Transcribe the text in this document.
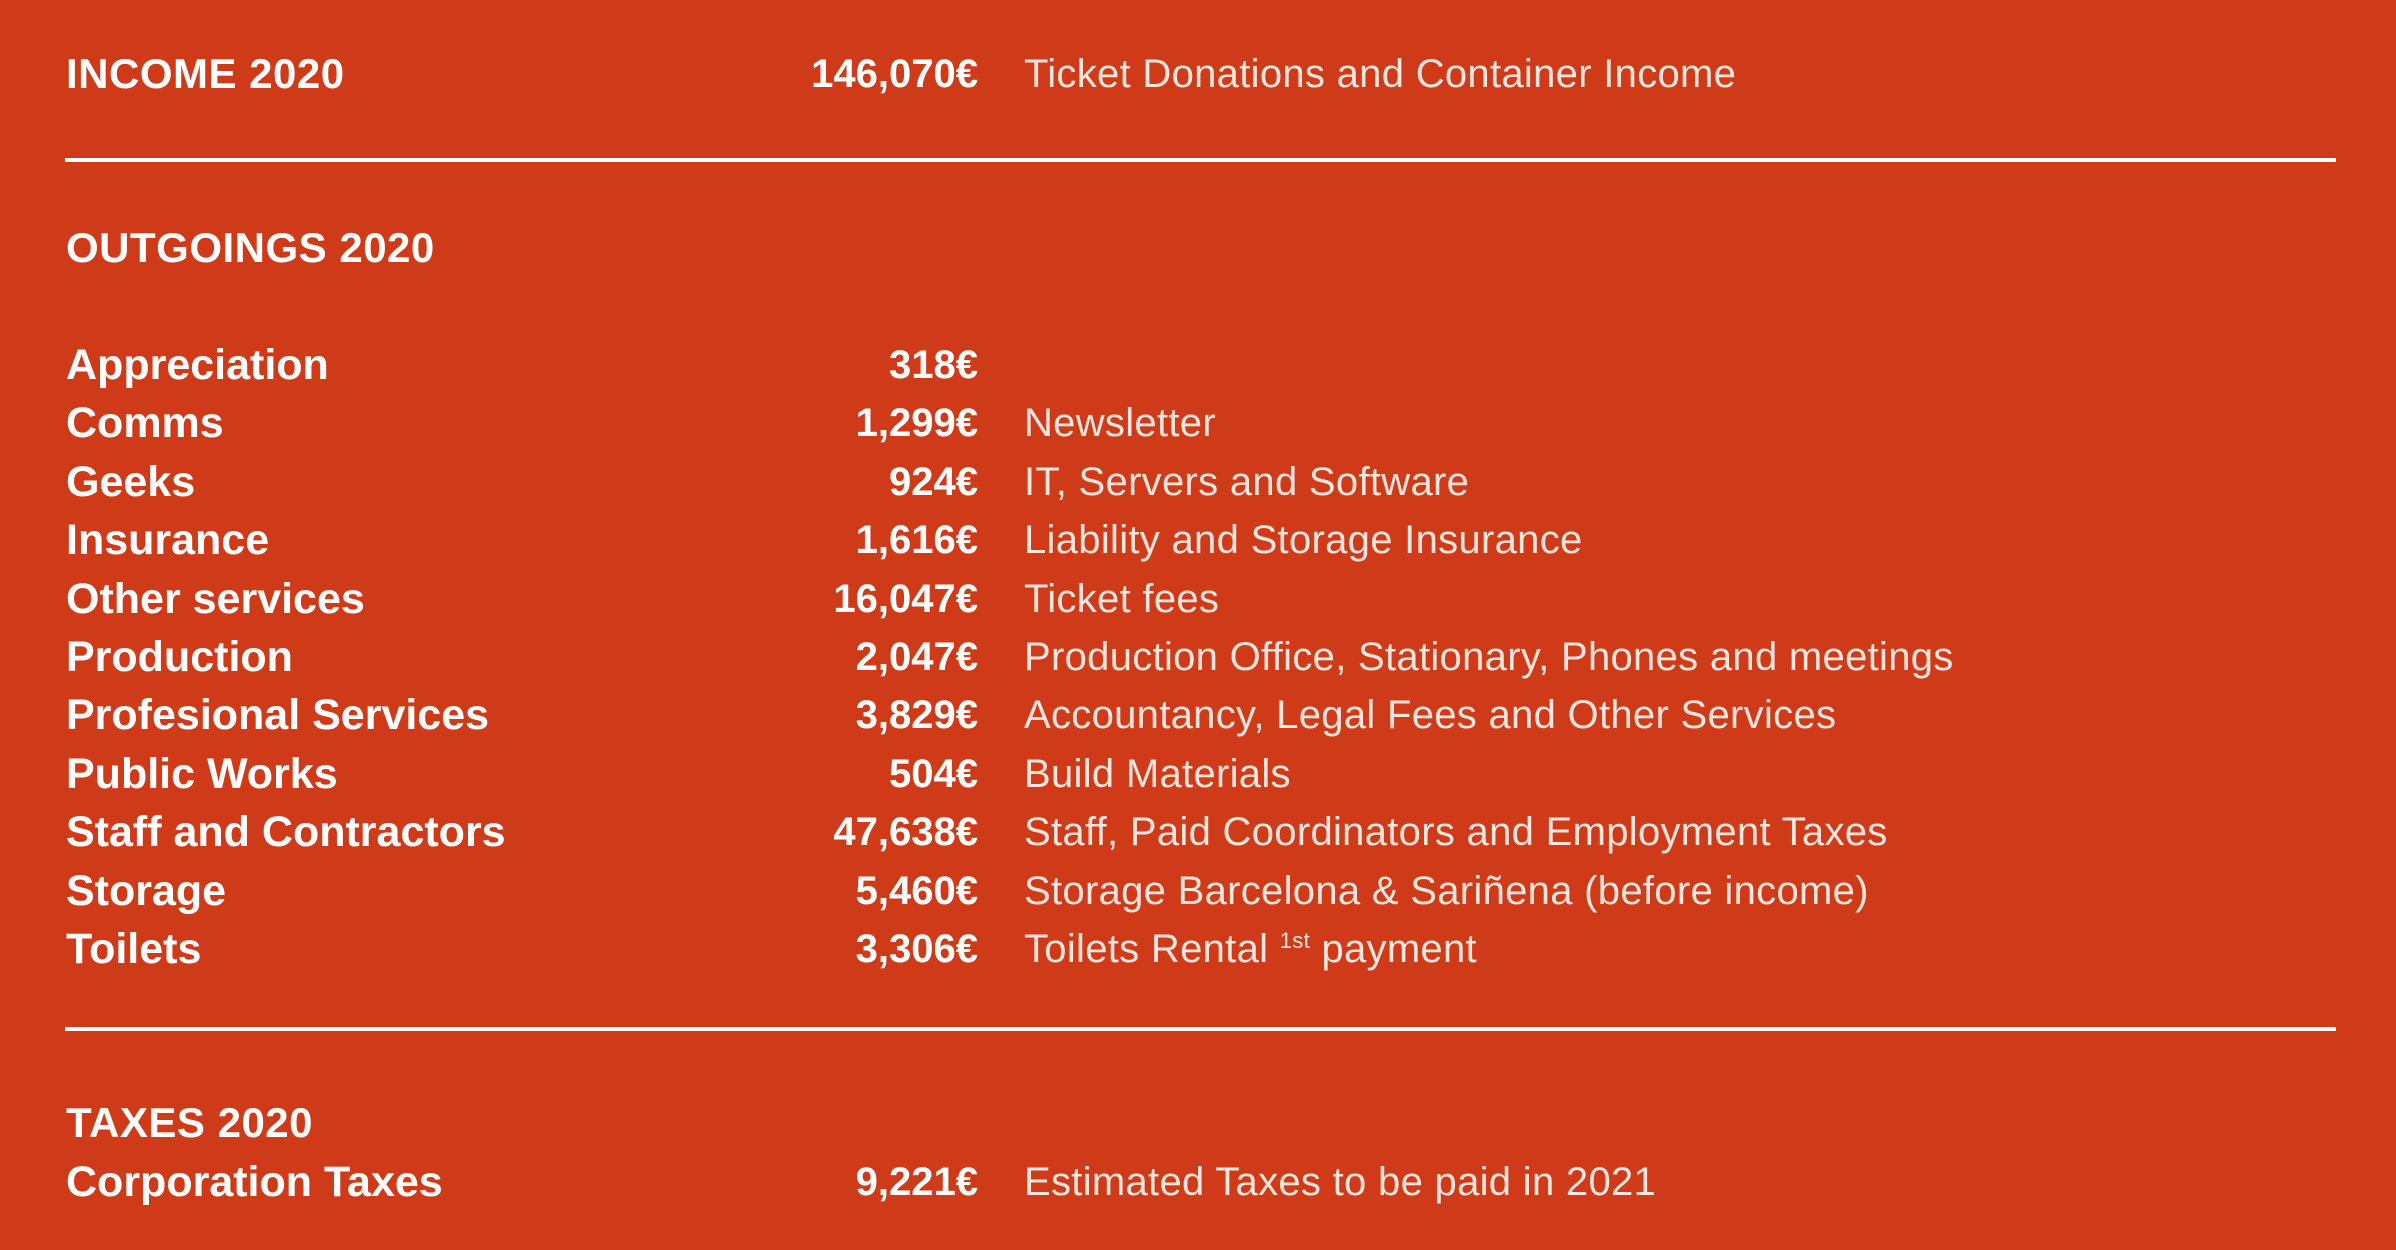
INCOME 2020	146,070€ Ticket Donations and Container Income
OUTGOINGS 2020
Appreciation	318€
Comms	1,299€ Newsletter
Geeks	924€ IT, Servers and Software
Insurance	1,616€ Liability and Storage Insurance
Other services	16,047€ Ticket fees
Production	2,047€ Production Office, Stationary, Phones and meetings
Profesional Services	3,829€ Accountancy, Legal Fees and Other Services
Public Works	504€ Build Materials
Staff and Contractors	47,638€ Staff, Paid Coordinators and Employment Taxes
Storage	5,460€ Storage Barcelona & Sariñena (before income)
Toilets	3,306€ Toilets Rental $^{1st}$ payment
TAXES 2020
Corporation Taxes	9,221€ Estimated Taxes to be paid in 2021
